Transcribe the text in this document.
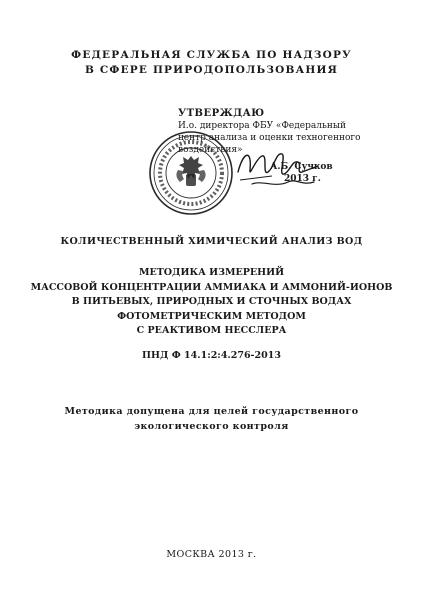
ФЕДЕРАЛЬНАЯ СЛУЖБА ПО НАДЗОРУ
В СФЕРЕ ПРИРОДОПОЛЬЗОВАНИЯ
УТВЕРЖДАЮ
И.о. директора ФБУ «Федеральный
центр анализа и оценки техногенного
воздействия»
А.Б. Сучков
2013 г.
КОЛИЧЕСТВЕННЫЙ ХИМИЧЕСКИЙ АНАЛИЗ ВОД
МЕТОДИКА ИЗМЕРЕНИЙ
МАССОВОЙ КОНЦЕНТРАЦИИ АММИАКА И АММОНИЙ-ИОНОВ
В ПИТЬЕВЫХ, ПРИРОДНЫХ И СТОЧНЫХ ВОДАХ
ФОТОМЕТРИЧЕСКИМ МЕТОДОМ
С РЕАКТИВОМ НЕССЛЕРА
ПНД Ф 14.1:2:4.276-2013
Методика допущена для целей государственного
экологического контроля
МОСКВА 2013 г.
